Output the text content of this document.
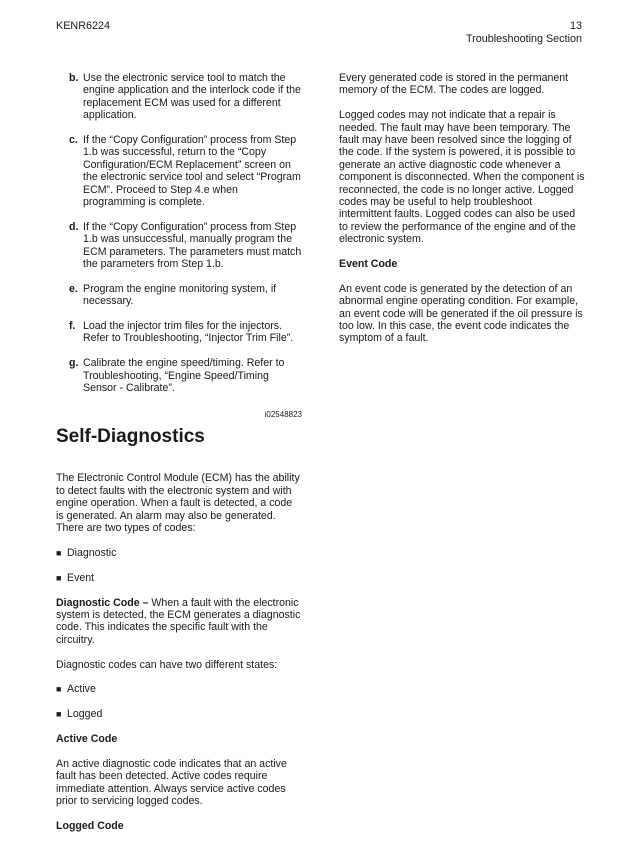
KENR6224	13
Troubleshooting Section
b. Use the electronic service tool to match the engine application and the interlock code if the replacement ECM was used for a different application.
c. If the “Copy Configuration” process from Step 1.b was successful, return to the “Copy Configuration/ECM Replacement” screen on the electronic service tool and select “Program ECM”. Proceed to Step 4.e when programming is complete.
d. If the “Copy Configuration” process from Step 1.b was unsuccessful, manually program the ECM parameters. The parameters must match the parameters from Step 1.b.
e. Program the engine monitoring system, if necessary.
f. Load the injector trim files for the injectors. Refer to Troubleshooting, “Injector Trim File”.
g. Calibrate the engine speed/timing. Refer to Troubleshooting, “Engine Speed/Timing Sensor - Calibrate”.
i02548823
Self-Diagnostics

The Electronic Control Module (ECM) has the ability to detect faults with the electronic system and with engine operation. When a fault is detected, a code is generated. An alarm may also be generated. There are two types of codes:

■ Diagnostic
■ Event

Diagnostic Code – When a fault with the electronic system is detected, the ECM generates a diagnostic code. This indicates the specific fault with the circuitry.

Diagnostic codes can have two different states:

■ Active
■ Logged
Active Code

An active diagnostic code indicates that an active fault has been detected. Active codes require immediate attention. Always service active codes prior to servicing logged codes.

Logged Code

Every generated code is stored in the permanent memory of the ECM. The codes are logged.

Logged codes may not indicate that a repair is needed. The fault may have been temporary. The fault may have been resolved since the logging of the code. If the system is powered, it is possible to generate an active diagnostic code whenever a component is disconnected. When the component is reconnected, the code is no longer active. Logged codes may be useful to help troubleshoot intermittent faults. Logged codes can also be used to review the performance of the engine and of the electronic system.

Event Code

An event code is generated by the detection of an abnormal engine operating condition. For example, an event code will be generated if the oil pressure is too low. In this case, the event code indicates the symptom of a fault.
